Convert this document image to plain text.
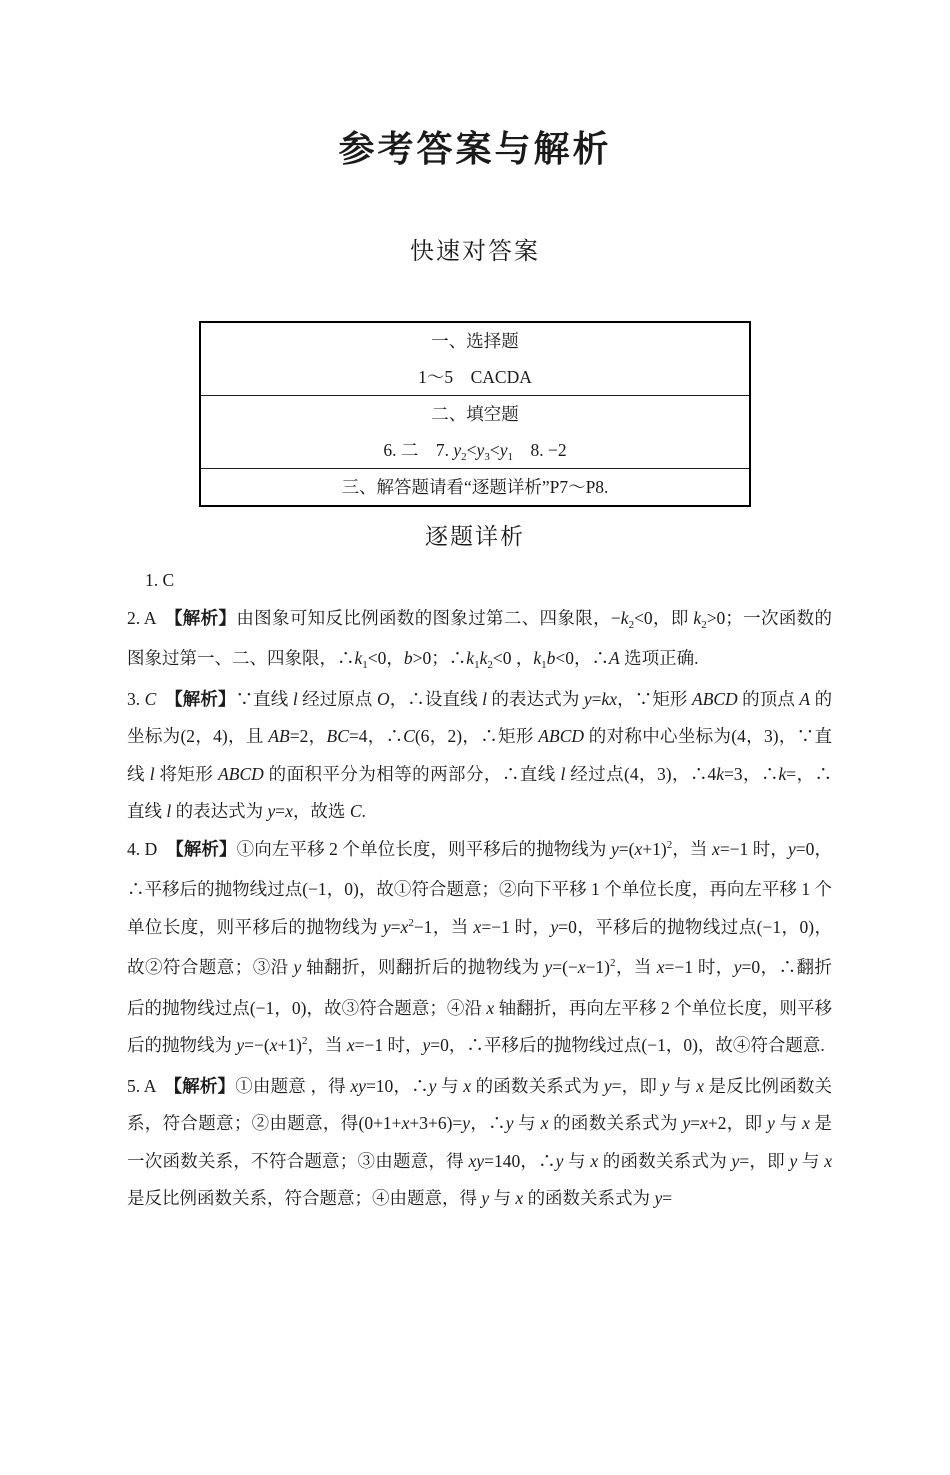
参考答案与解析
快速对答案
一、选择题
1～5　CACDA

二、填空题
6. 二　7. $y_2<y_3<y_1$　8. −2

三、解答题请看“逐题详析”P7～P8.
逐题详析

1. C

2. A　【解析】由图象可知反比例函数的图象过第二、四象限，$-k_2<0$，即 $k_2>0$；一次函数的图象过第一、二、四象限，$\therefore k_1<0$，b>0；$\therefore k_1k_2<0$ ，$k_1b<0$，∴A 选项正确.

3. C　 【解析】∵直线 l 经过原点 O，∴设直线 l 的表达式为 y=kx，∵矩形 ABCD 的顶点 A 的坐标为(2，4)，且 AB=2，BC=4，∴C(6，2)，∴矩形 ABCD 的对称中心坐标为(4，3)，∵直线 l 将矩形 ABCD 的面积平分为相等的两部分，∴直线 l 经过点(4，3)，∴4k=3，∴k=，∴直线 l 的表达式为 y=x，故选 C.

4. D　【解析】①向左平移 2 个单位长度，则平移后的抛物线为 $y=(x+1)^2$，当 x=−1 时，y=0，∴平移后的抛物线过点(−1，0)，故①符合题意；②向下平移 1 个单位长度，再向左平移 1 个单位长度，则平移后的抛物线为 $y=x^2-1$，当 x=−1 时，y=0，平移后的抛物线过点(−1，0)，故②符合题意；③沿 y 轴翻折，则翻折后的抛物线为 $y=(-x-1)^2$，当 x=−1 时，y=0，∴翻折后的抛物线过点(−1，0)，故③符合题意；④沿 x 轴翻折，再向左平移 2 个单位长度，则平移后的抛物线为 $y=-(x+1)^2$，当 x=−1 时，y=0，∴平移后的抛物线过点(−1，0)，故④符合题意.

5. A　【解析】①由题意 ，得 xy=10，∴y 与 x 的函数关系式为 y=，即 y 与 x 是反比例函数关系，符合题意；②由题意，得(0+1+x+3+6)=y，∴y 与 x 的函数关系式为 y=x+2，即 y 与 x 是一次函数关系，不符合题意；③由题意，得 xy=140，∴y 与 x 的函数关系式为 y=，即 y 与 x 是反比例函数关系，符合题意；④由题意，得 y 与 x 的函数关系式为 y=
